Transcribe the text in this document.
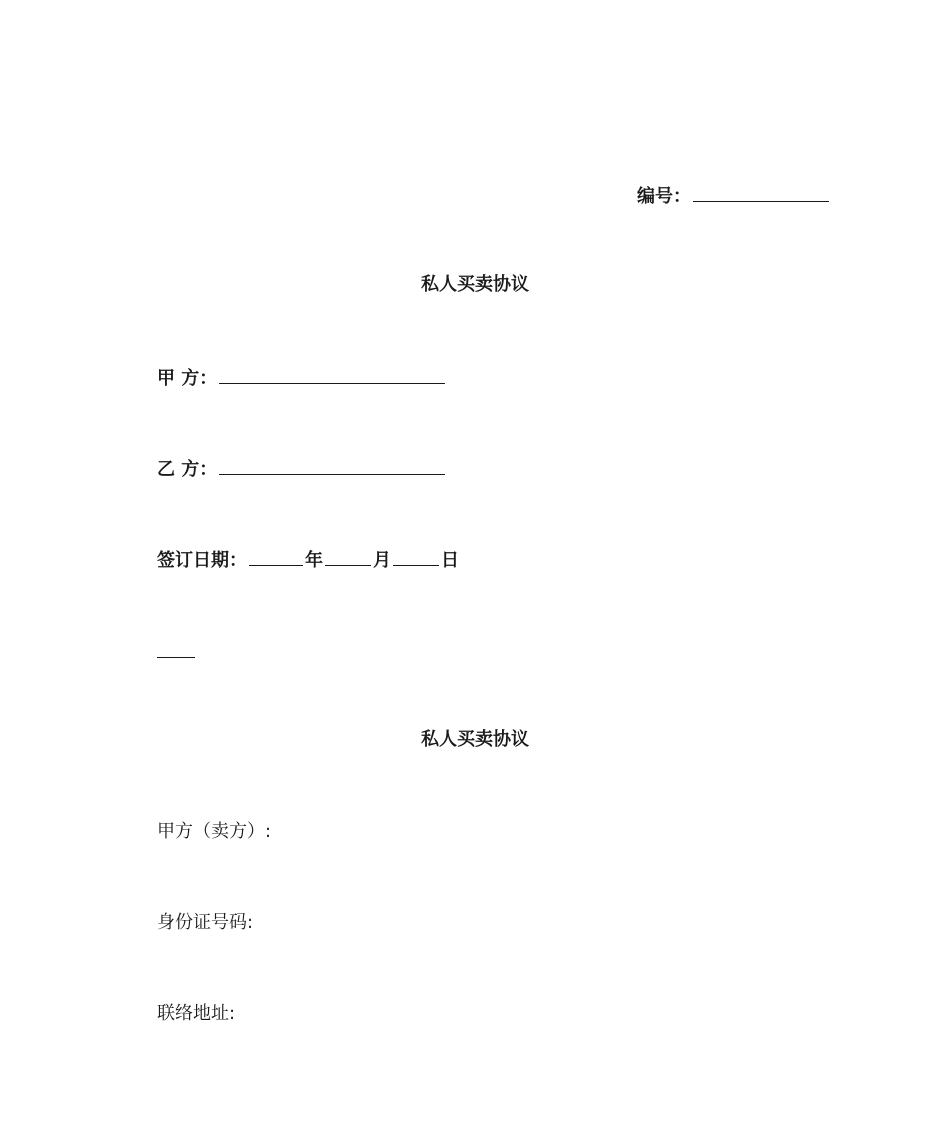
编号：
私人买卖协议
甲 方：
乙 方：
签订日期：	年	月	日
私人买卖协议
甲方（卖方）:
身份证号码:
联络地址:
